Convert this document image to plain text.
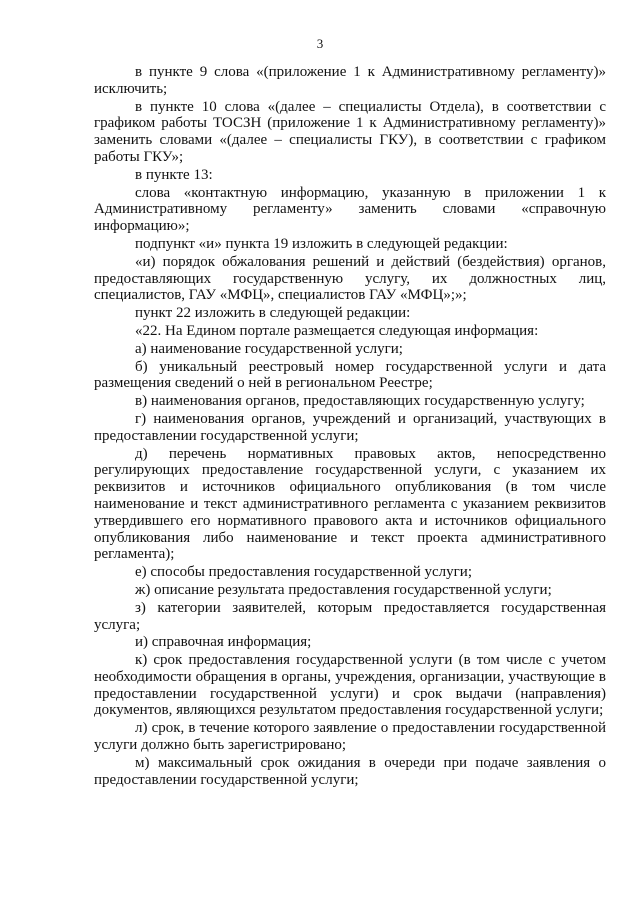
3

в пункте 9 слова «(приложение 1 к Административному регламенту)» исключить;

в пункте 10 слова «(далее – специалисты Отдела), в соответствии с графиком работы ТОСЗН (приложение 1 к Административному регламенту)» заменить словами «(далее – специалисты ГКУ), в соответствии с графиком работы ГКУ»;

в пункте 13:

слова «контактную информацию, указанную в приложении 1 к Административному регламенту» заменить словами «справочную информацию»;

подпункт «и» пункта 19 изложить в следующей редакции:

«и) порядок обжалования решений и действий (бездействия) органов, предоставляющих государственную услугу, их должностных лиц, специалистов, ГАУ «МФЦ», специалистов ГАУ «МФЦ»;»;

пункт 22 изложить в следующей редакции:

«22. На Едином портале размещается следующая информация:

а) наименование государственной услуги;

б) уникальный реестровый номер государственной услуги и дата размещения сведений о ней в региональном Реестре;

в) наименования органов, предоставляющих государственную услугу;

г) наименования органов, учреждений и организаций, участвующих в предоставлении государственной услуги;

д) перечень нормативных правовых актов, непосредственно регулирующих предоставление государственной услуги, с указанием их реквизитов и источников официального опубликования (в том числе наименование и текст административного регламента с указанием реквизитов утвердившего его нормативного правового акта и источников официального опубликования либо наименование и текст проекта административного регламента);

е) способы предоставления государственной услуги;

ж) описание результата предоставления государственной услуги;

з) категории заявителей, которым предоставляется государственная услуга;

и) справочная информация;

к) срок предоставления государственной услуги (в том числе с учетом необходимости обращения в органы, учреждения, организации, участвующие в предоставлении государственной услуги) и срок выдачи (направления) документов, являющихся результатом предоставления государственной услуги;

л) срок, в течение которого заявление о предоставлении государственной услуги должно быть зарегистрировано;

м) максимальный срок ожидания в очереди при подаче заявления о предоставлении государственной услуги;
